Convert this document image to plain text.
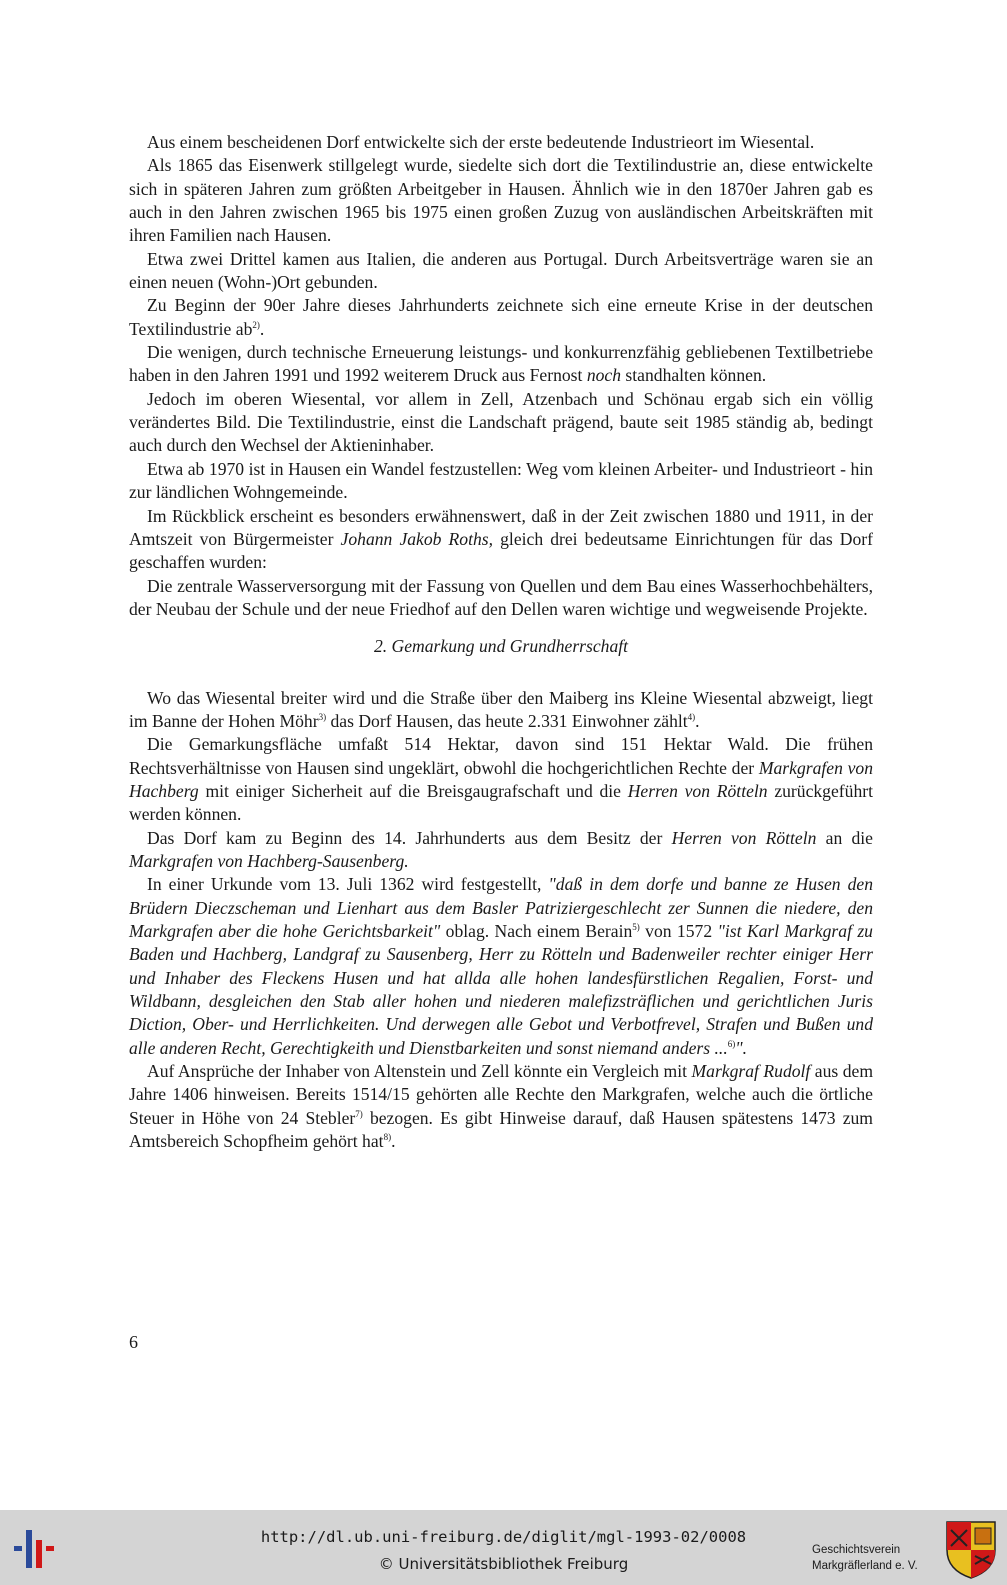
Aus einem bescheidenen Dorf entwickelte sich der erste bedeutende Industrieort im Wiesental.

Als 1865 das Eisenwerk stillgelegt wurde, siedelte sich dort die Textilindustrie an, diese entwickelte sich in späteren Jahren zum größten Arbeitgeber in Hausen. Ähnlich wie in den 1870er Jahren gab es auch in den Jahren zwischen 1965 bis 1975 einen großen Zuzug von ausländischen Arbeitskräften mit ihren Familien nach Hausen.

Etwa zwei Drittel kamen aus Italien, die anderen aus Portugal. Durch Arbeitsverträge waren sie an einen neuen (Wohn-)Ort gebunden.

Zu Beginn der 90er Jahre dieses Jahrhunderts zeichnete sich eine erneute Krise in der deutschen Textilindustrie $ab^{2)}$.

Die wenigen, durch technische Erneuerung leistungs- und konkurrenzfähig gebliebenen Textilbetriebe haben in den Jahren 1991 und 1992 weiterem Druck aus Fernost noch standhalten können.

Jedoch im oberen Wiesental, vor allem in Zell, Atzenbach und Schönau ergab sich ein völlig verändertes Bild. Die Textilindustrie, einst die Landschaft prägend, baute seit 1985 ständig ab, bedingt auch durch den Wechsel der Aktieninhaber.

Etwa ab 1970 ist in Hausen ein Wandel festzustellen: Weg vom kleinen Arbeiter- und Industrieort - hin zur ländlichen Wohngemeinde.

Im Rückblick erscheint es besonders erwähnenswert, daß in der Zeit zwischen 1880 und 1911, in der Amtszeit von Bürgermeister Johann Jakob Roths, gleich drei bedeutsame Einrichtungen für das Dorf geschaffen wurden:

Die zentrale Wasserversorgung mit der Fassung von Quellen und dem Bau eines Wasserhochbehälters, der Neubau der Schule und der neue Friedhof auf den Dellen waren wichtige und wegweisende Projekte.

2. Gemarkung und Grundherrschaft

Wo das Wiesental breiter wird und die Straße über den Maiberg ins Kleine Wiesental abzweigt, liegt im Banne der Hohen Möhr$^{3)}$ das Dorf Hausen, das heute 2.331 Einwohner zählt$^{4)}$.

Die Gemarkungsfläche umfaßt 514 Hektar, davon sind 151 Hektar Wald. Die frühen Rechtsverhältnisse von Hausen sind ungeklärt, obwohl die hochgerichtlichen Rechte der Markgrafen von Hachberg mit einiger Sicherheit auf die Breisgaugrafschaft und die Herren von Rötteln zurückgeführt werden können.

Das Dorf kam zu Beginn des 14. Jahrhunderts aus dem Besitz der Herren von Rötteln an die Markgrafen von Hachberg-Sausenberg.

In einer Urkunde vom 13. Juli 1362 wird festgestellt, "daß in dem dorfe und banne ze Husen den Brüdern Dieczscheman und Lienhart aus dem Basler Patriziergeschlecht zer Sunnen die niedere, den Markgrafen aber die hohe Gerichtsbarkeit" oblag. Nach einem Berain$^{5)}$ von 1572 "ist Karl Markgraf zu Baden und Hachberg, Landgraf zu Sausenberg, Herr zu Rötteln und Badenweiler rechter einiger Herr und Inhaber des Fleckens Husen und hat allda alle hohen landesfürstlichen Regalien, Forst- und Wildbann, desgleichen den Stab aller hohen und niederen malefizsträflichen und gerichtlichen Juris Diction, Ober- und Herrlichkeiten. Und derwegen alle Gebot und Verbotfrevel, Strafen und Bußen und alle anderen Recht, Gerechtigkeith und Dienstbarkeiten und sonst niemand anders ...$^{6)}$".

Auf Ansprüche der Inhaber von Altenstein und Zell könnte ein Vergleich mit Markgraf Rudolf aus dem Jahre 1406 hinweisen. Bereits 1514/15 gehörten alle Rechte den Markgrafen, welche auch die örtliche Steuer in Höhe von 24 Stebler$^{7)}$ bezogen. Es gibt Hinweise darauf, daß Hausen spätestens 1473 zum Amtsbereich Schopfheim gehört hat$^{8)}$.

6
http://dl.ub.uni-freiburg.de/diglit/mgl-1993-02/0008
© Universitätsbibliothek Freiburg
Geschichtsverein
Markgräflerland e. V.
